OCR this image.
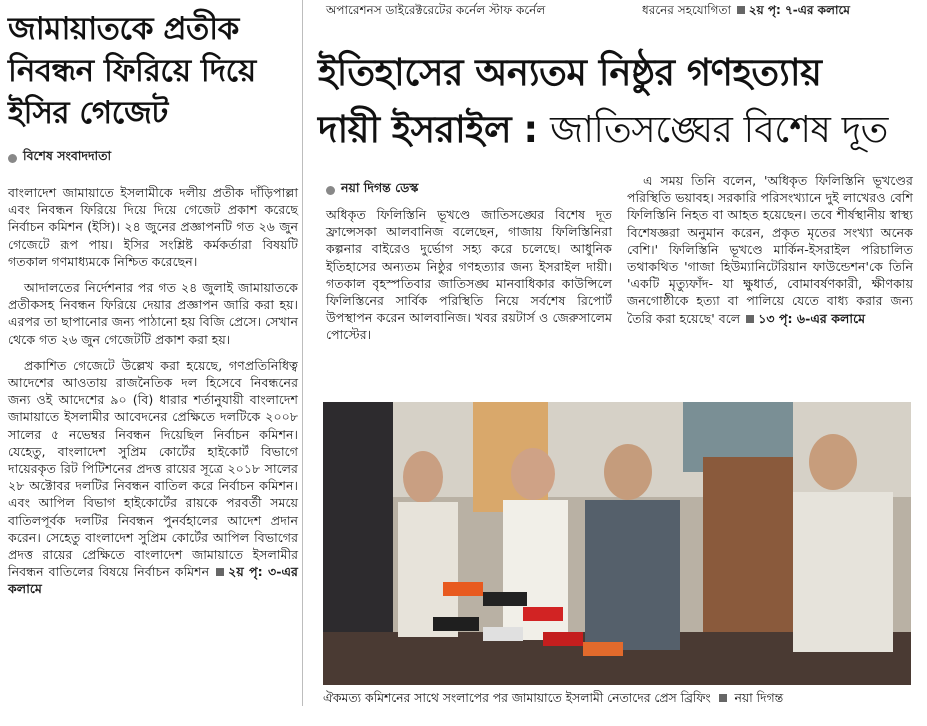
জামায়াতকে প্রতীক
নিবন্ধন ফিরিয়ে দিয়ে
ইসির গেজেট
বিশেষ সংবাদদাতা

বাংলাদেশ জামায়াতে ইসলামীকে দলীয় প্রতীক দাঁড়িপাল্লা এবং নিবন্ধন ফিরিয়ে দিয়ে দিয়ে গেজেট প্রকাশ করেছে নির্বাচন কমিশন (ইসি)। ২৪ জুনের প্রজ্ঞাপনটি গত ২৬ জুন গেজেটে রূপ পায়। ইসির সংশ্লিষ্ট কর্মকর্তারা বিষয়টি গতকাল গণমাধ্যমকে নিশ্চিত করেছেন।

আদালতের নির্দেশনার পর গত ২৪ জুলাই জামায়াতকে প্রতীকসহ নিবন্ধন ফিরিয়ে দেয়ার প্রজ্ঞাপন জারি করা হয়। এরপর তা ছাপানোর জন্য পাঠানো হয় বিজি প্রেসে। সেখান থেকে গত ২৬ জুন গেজেটটি প্রকাশ করা হয়।

প্রকাশিত গেজেটে উল্লেখ করা হয়েছে, গণপ্রতিনিধিত্ব আদেশের আওতায় রাজনৈতিক দল হিসেবে নিবন্ধনের জন্য ওই আদেশের ৯০ (বি) ধারার শর্তানুযায়ী বাংলাদেশ জামায়াতে ইসলামীর আবেদনের প্রেক্ষিতে দলটিকে ২০০৮ সালের ৫ নভেম্বর নিবন্ধন দিয়েছিল নির্বাচন কমিশন। যেহেতু, বাংলাদেশ সুপ্রিম কোর্টের হাইকোর্ট বিভাগে দায়েরকৃত রিট পিটিশনের প্রদত্ত রায়ের সূত্রে ২০১৮ সালের ২৮ অক্টোবর দলটির নিবন্ধন বাতিল করে নির্বাচন কমিশন। এবং আপিল বিভাগ হাইকোর্টের রায়কে পরবর্তী সময়ে বাতিলপূর্বক দলটির নিবন্ধন পুনর্বহালের আদেশ প্রদান করেন। সেহেতু বাংলাদেশ সুপ্রিম কোর্টের আপিল বিভাগের প্রদত্ত রায়ের প্রেক্ষিতে বাংলাদেশ জামায়াতে ইসলামীর নিবন্ধন বাতিলের বিষয়ে নির্বাচন কমিশন ২য় পৃ: ৩-এর কলামে

অপারেশনস ডাইরেক্টরেটের কর্নেল স্টাফ কর্নেল	ধরনের সহযোগিতা ২য় পৃ: ৭-এর কলামে
ইতিহাসের অন্যতম নিষ্ঠুর গণহত্যায়
দায়ী ইসরাইল : জাতিসঙ্ঘের বিশেষ দূত
নয়া দিগন্ত ডেস্ক

অধিকৃত ফিলিস্তিনি ভূখণ্ডে জাতিসঙ্ঘের বিশেষ দূত ফ্রান্সেসকা আলবানিজ বলেছেন, গাজায় ফিলিস্তিনিরা কল্পনার বাইরেও দুর্ভোগ সহ্য করে চলেছে। আধুনিক ইতিহাসের অন্যতম নিষ্ঠুর গণহত্যার জন্য ইসরাইল দায়ী। গতকাল বৃহস্পতিবার জাতিসঙ্ঘ মানবাধিকার কাউন্সিলে ফিলিস্তিনের সার্বিক পরিস্থিতি নিয়ে সর্বশেষ রিপোর্ট উপস্থাপন করেন আলবানিজ। খবর রয়টার্স ও জেরুসালেম পোস্টের।

এ সময় তিনি বলেন, 'অধিকৃত ফিলিস্তিনি ভূখণ্ডের পরিস্থিতি ভয়াবহ। সরকারি পরিসংখ্যানে দুই লাখেরও বেশি ফিলিস্তিনি নিহত বা আহত হয়েছেন। তবে শীর্ষস্থানীয় স্বাস্থ্য বিশেষজ্ঞরা অনুমান করেন, প্রকৃত মৃতের সংখ্যা অনেক বেশি।' ফিলিস্তিনি ভূখণ্ডে মার্কিন-ইসরাইল পরিচালিত তথাকথিত 'গাজা হিউম্যানিটেরিয়ান ফাউন্ডেশন'কে তিনি 'একটি মৃত্যুফাঁদ- যা ক্ষুধার্ত, বোমাবর্ষণকারী, ক্ষীণকায় জনগোষ্ঠীকে হত্যা বা পালিয়ে যেতে বাধ্য করার জন্য তৈরি করা হয়েছে' বলে ১৩ পৃ: ৬-এর কলামে

ঐকমত্য কমিশনের সাথে সংলাপের পর জামায়াতে ইসলামী নেতাদের প্রেস ব্রিফিং নয়া দিগন্ত
